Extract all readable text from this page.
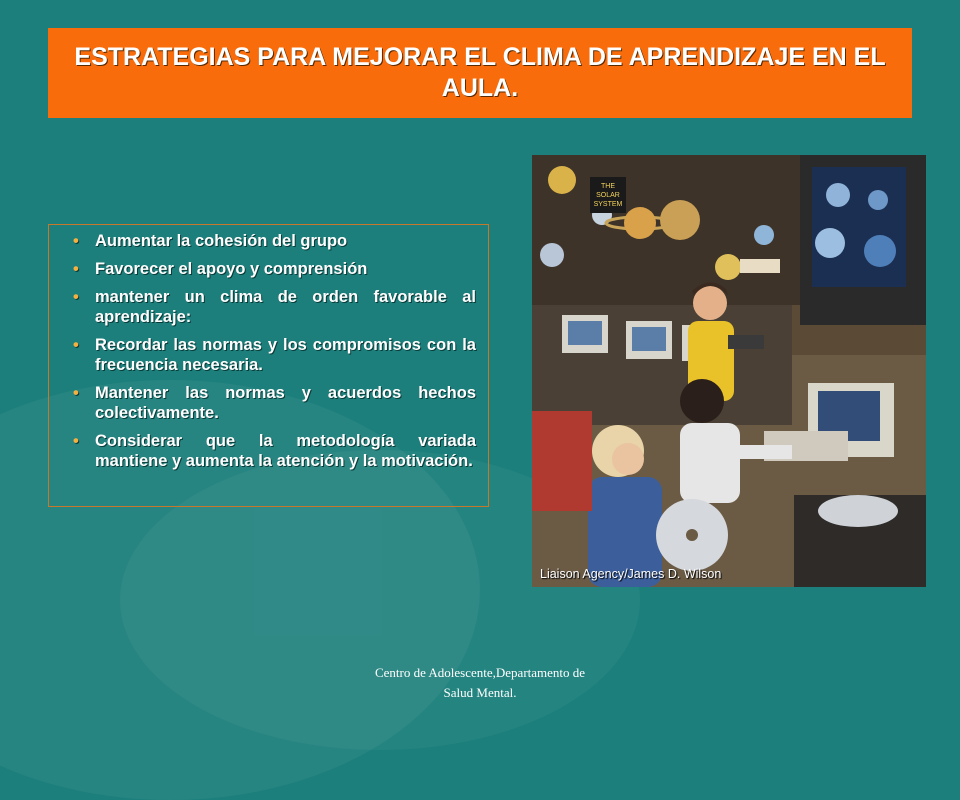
ESTRATEGIAS PARA MEJORAR EL CLIMA DE APRENDIZAJE EN EL AULA.
• Aumentar la cohesión del grupo
• Favorecer el apoyo y comprensión
• mantener un clima de orden favorable al aprendizaje:
• Recordar las normas y los compromisos con la frecuencia necesaria.
• Mantener las normas y acuerdos hechos colectivamente.
• Considerar que la metodología variada mantiene y aumenta la atención y la motivación.
THE
SOLAR
SYSTEM
Liaison Agency/James D. Wilson
Centro de Adolescente,Departamento de
Salud Mental.
